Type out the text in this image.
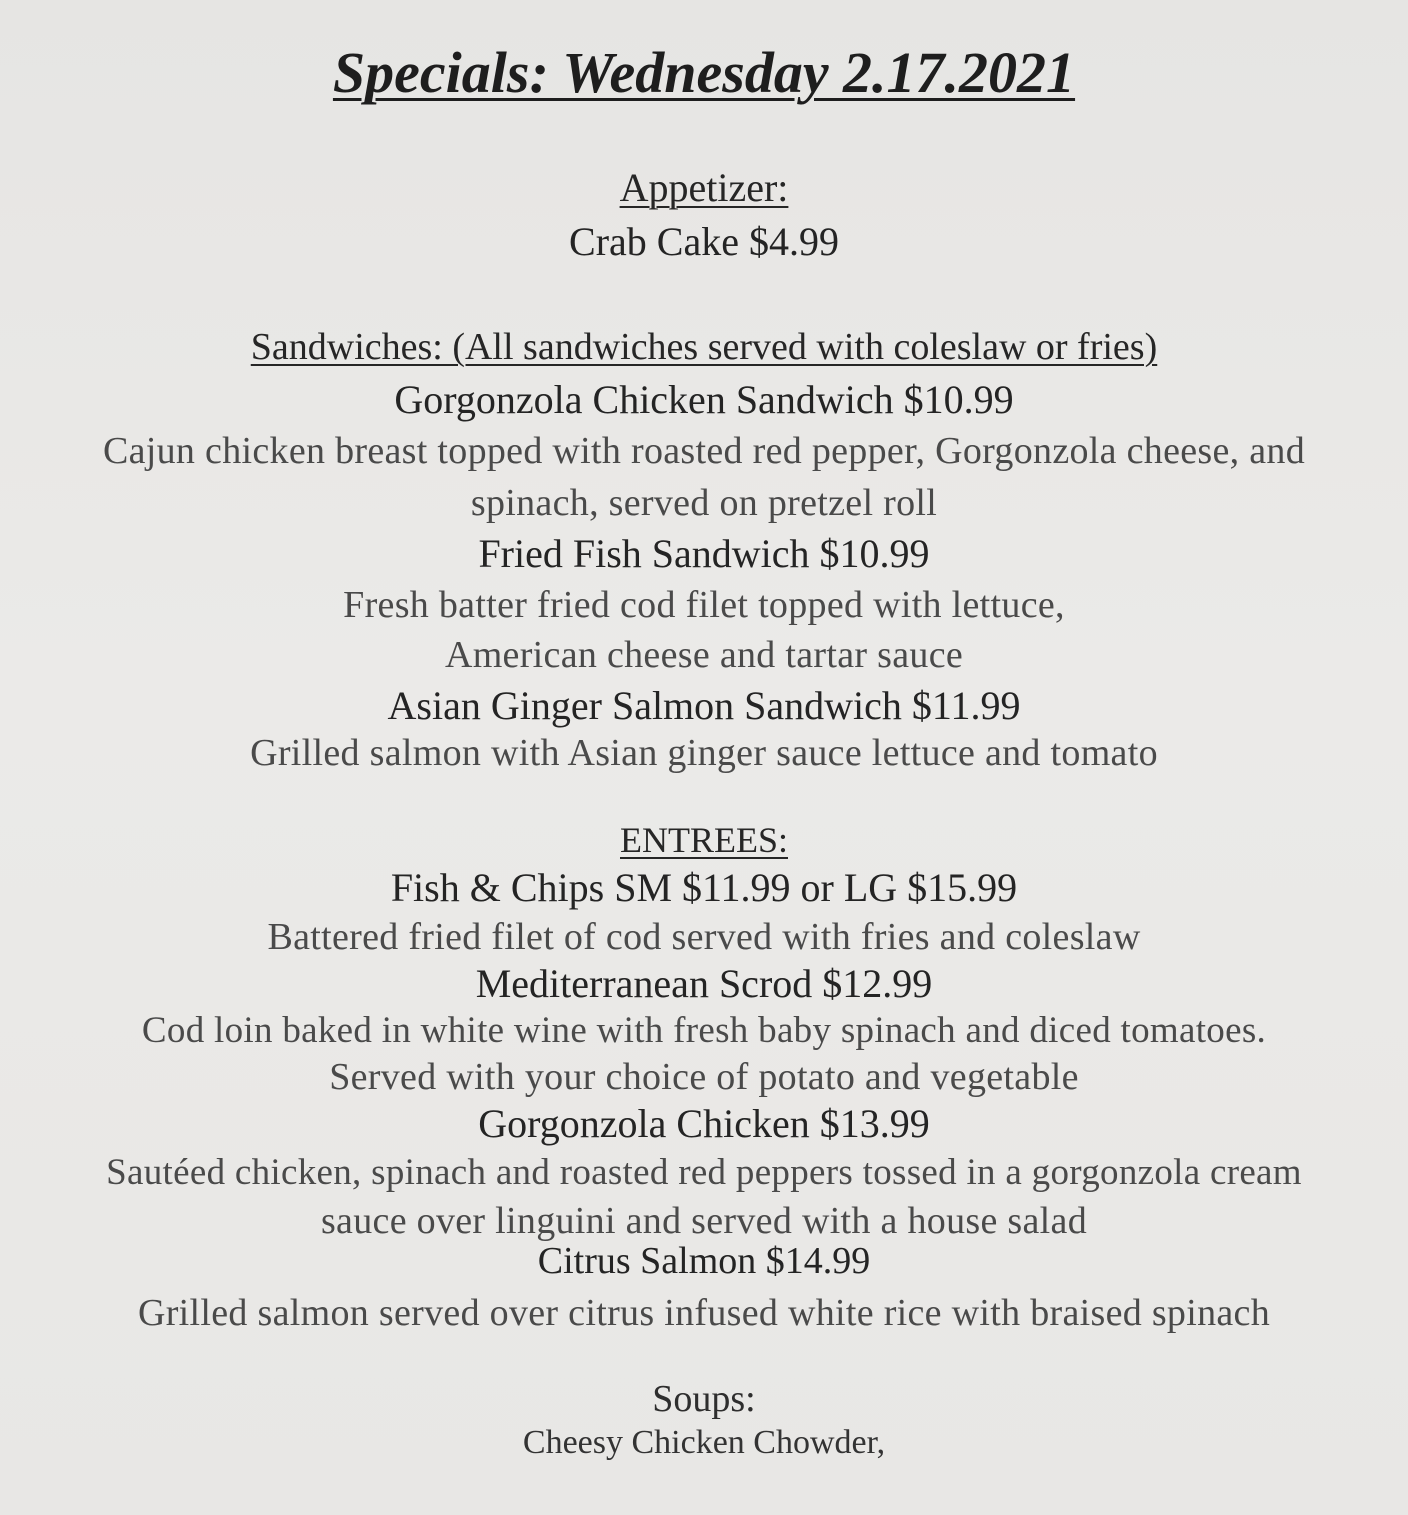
Specials: Wednesday 2.17.2021
Appetizer:
Crab Cake $4.99
Sandwiches: (All sandwiches served with coleslaw or fries)
Gorgonzola Chicken Sandwich $10.99
Cajun chicken breast topped with roasted red pepper, Gorgonzola cheese, and
spinach, served on pretzel roll
Fried Fish Sandwich $10.99
Fresh batter fried cod filet topped with lettuce,
American cheese and tartar sauce
Asian Ginger Salmon Sandwich $11.99
Grilled salmon with Asian ginger sauce lettuce and tomato
ENTREES:
Fish & Chips SM $11.99 or LG $15.99
Battered fried filet of cod served with fries and coleslaw
Mediterranean Scrod $12.99
Cod loin baked in white wine with fresh baby spinach and diced tomatoes.
Served with your choice of potato and vegetable
Gorgonzola Chicken $13.99
Sautéed chicken, spinach and roasted red peppers tossed in a gorgonzola cream
sauce over linguini and served with a house salad
Citrus Salmon $14.99
Grilled salmon served over citrus infused white rice with braised spinach
Soups:
Cheesy Chicken Chowder,
